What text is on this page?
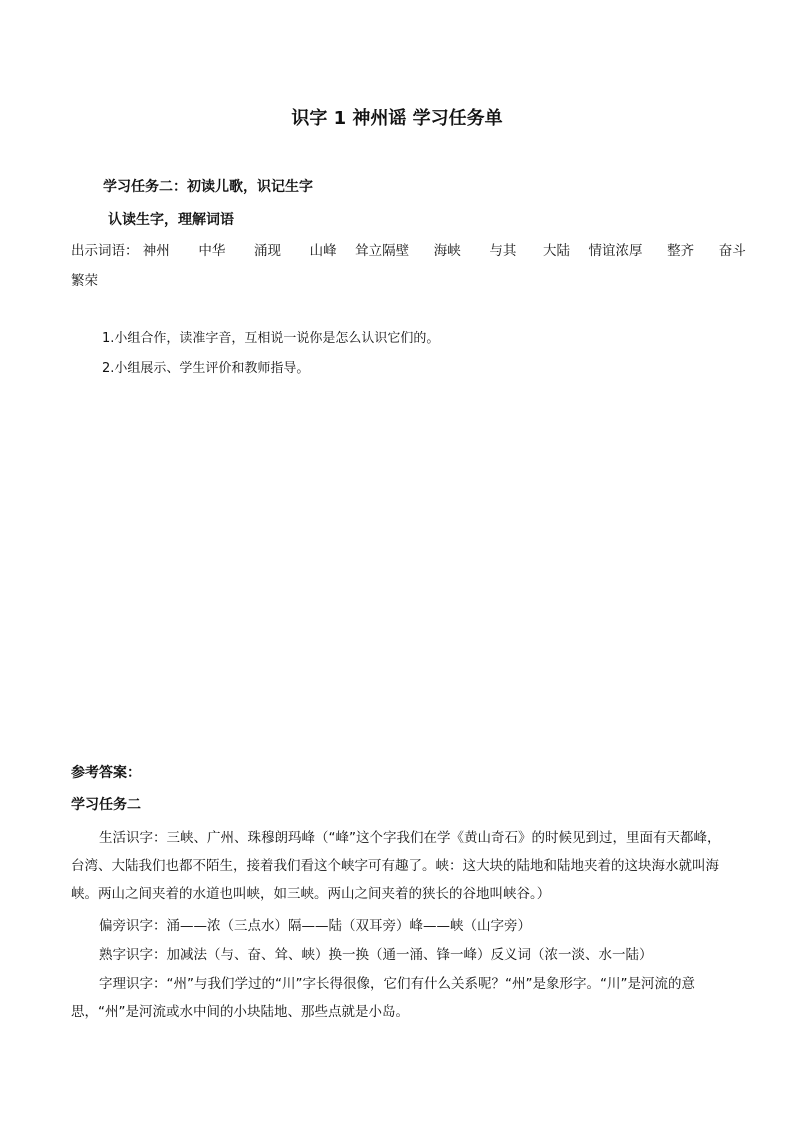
识字 1 神州谣 学习任务单
学习任务二：初读儿歌，识记生字
认读生字，理解词语
出示词语： 神州 中华 涌现 山峰 耸立隔壁 海峡 与其 大陆 情谊浓厚 整齐 奋斗
繁荣
1.小组合作，读准字音，互相说一说你是怎么认识它们的。
2.小组展示、学生评价和教师指导。
参考答案：
学习任务二
生活识字：三峡、广州、珠穆朗玛峰（“峰”这个字我们在学《黄山奇石》的时候见到过，里面有天都峰，台湾、大陆我们也都不陌生，接着我们看这个峡字可有趣了。峡：这大块的陆地和陆地夹着的这块海水就叫海峡。两山之间夹着的水道也叫峡，如三峡。两山之间夹着的狭长的谷地叫峡谷。）
偏旁识字：涌——浓（三点水）隔——陆（双耳旁）峰——峡（山字旁）
熟字识字：加减法（与、奋、耸、峡）换一换（通一涌、锋一峰）反义词（浓一淡、水一陆）
字理识字：“州”与我们学过的“川”字长得很像，它们有什么关系呢？“州”是象形字。“川”是河流的意思，“州”是河流或水中间的小块陆地、那些点就是小岛。
